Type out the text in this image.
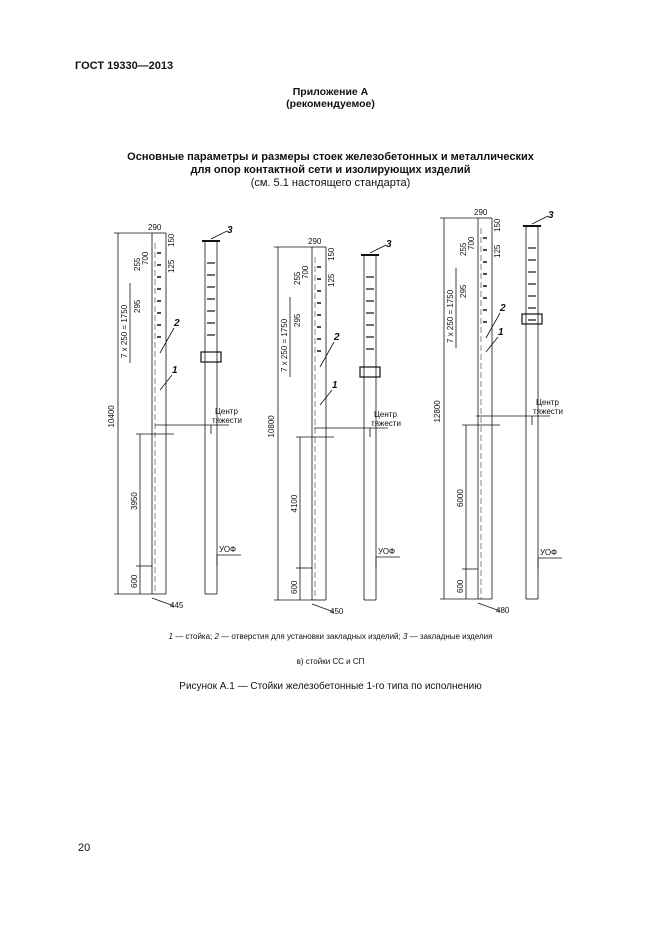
ГОСТ 19330—2013
Приложение А
(рекомендуемое)
Основные параметры и размеры стоек железобетонных и металлических
для опор контактной сети и изолирующих изделий
(см. 5.1 настоящего стандарта)
10400
3950
600
7 x 250 = 1750
290
255 700
295
150
125
445
Центр
тяжести
УОФ
1
2
3
10800
4100
600
7 x 250 = 1750
290
255 700
295
150
125
450
Центр
тяжести
УОФ
1
2
3
12800
6000
600
7 x 250 = 1750
290
255 700
295
150
125
480
Центр
тяжести
УОФ
1
2
3
1 — стойка; 2 — отверстия для установки закладных изделий; 3 — закладные изделия
в) стойки СС и СП
Рисунок А.1 — Стойки железобетонные 1-го типа по исполнению
20
